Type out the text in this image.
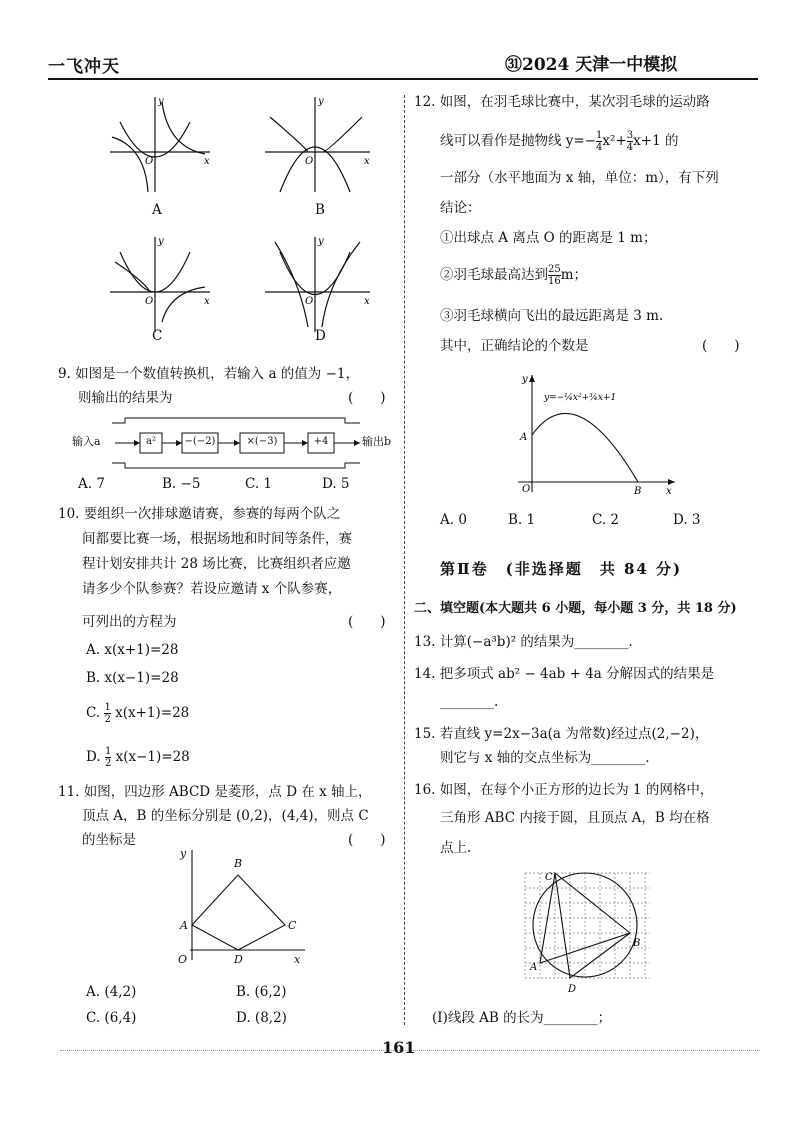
一飞冲天	㉛2024 天津一中模拟
y
x
O
y
x
O
y
x
O
y
x
O
A	B
C	D
9. 如图是一个数值转换机，若输入 a 的值为 −1，
则输出的结果为	(　　)
输入a	输出b
a²	−(−2)	×(−3)	+4
A. 7	B. −5	C. 1	D. 5
10. 要组织一次排球邀请赛，参赛的每两个队之
间都要比赛一场，根据场地和时间等条件，赛
程计划安排共计 28 场比赛，比赛组织者应邀
请多少个队参赛？若设应邀请 x 个队参赛，
可列出的方程为	(　　)
A. x(x+1)=28
B. x(x−1)=28
C. $\frac{1}{2} x(x+1)=28$
D. $\frac{1}{2} x(x-1)=28$
11. 如图，四边形 ABCD 是菱形，点 D 在 x 轴上，
顶点 A，B 的坐标分别是 (0,2)，(4,4)，则点 C
的坐标是	(　　)
y
x
O
A
B
C
D
A. (4,2)	B. (6,2)
C. (6,4)	D. (8,2)
12. 如图，在羽毛球比赛中，某次羽毛球的运动路
线可以看作是抛物线 $y=- \frac{1}{4} x^2+ \frac{3}{4} x+1$ 的
一部分（水平地面为 x 轴，单位：m），有下列
结论：
①出球点 A 离点 O 的距离是 1 m；
②羽毛球最高达到 $\frac{25}{16}$ m；
③羽毛球横向飞出的最远距离是 3 m.
其中，正确结论的个数是	(　　)
y=−¼x²+¾x+1
y
A
O	B x
A. 0	B. 1	C. 2	D. 3
第Ⅱ卷　(非选择题　共 84 分)
二、填空题(本大题共 6 小题，每小题 3 分，共 18 分)
13. 计算(−a³b)² 的结果为________.
14. 把多项式 ab² − 4ab + 4a 分解因式的结果是
________.
15. 若直线 y=2x−3a(a 为常数)经过点(2,−2)，
则它与 x 轴的交点坐标为________.
16. 如图，在每个小正方形的边长为 1 的网格中，
三角形 ABC 内接于圆，且顶点 A，B 均在格
点上.
C
B
A
D
(Ⅰ)线段 AB 的长为________；
161
